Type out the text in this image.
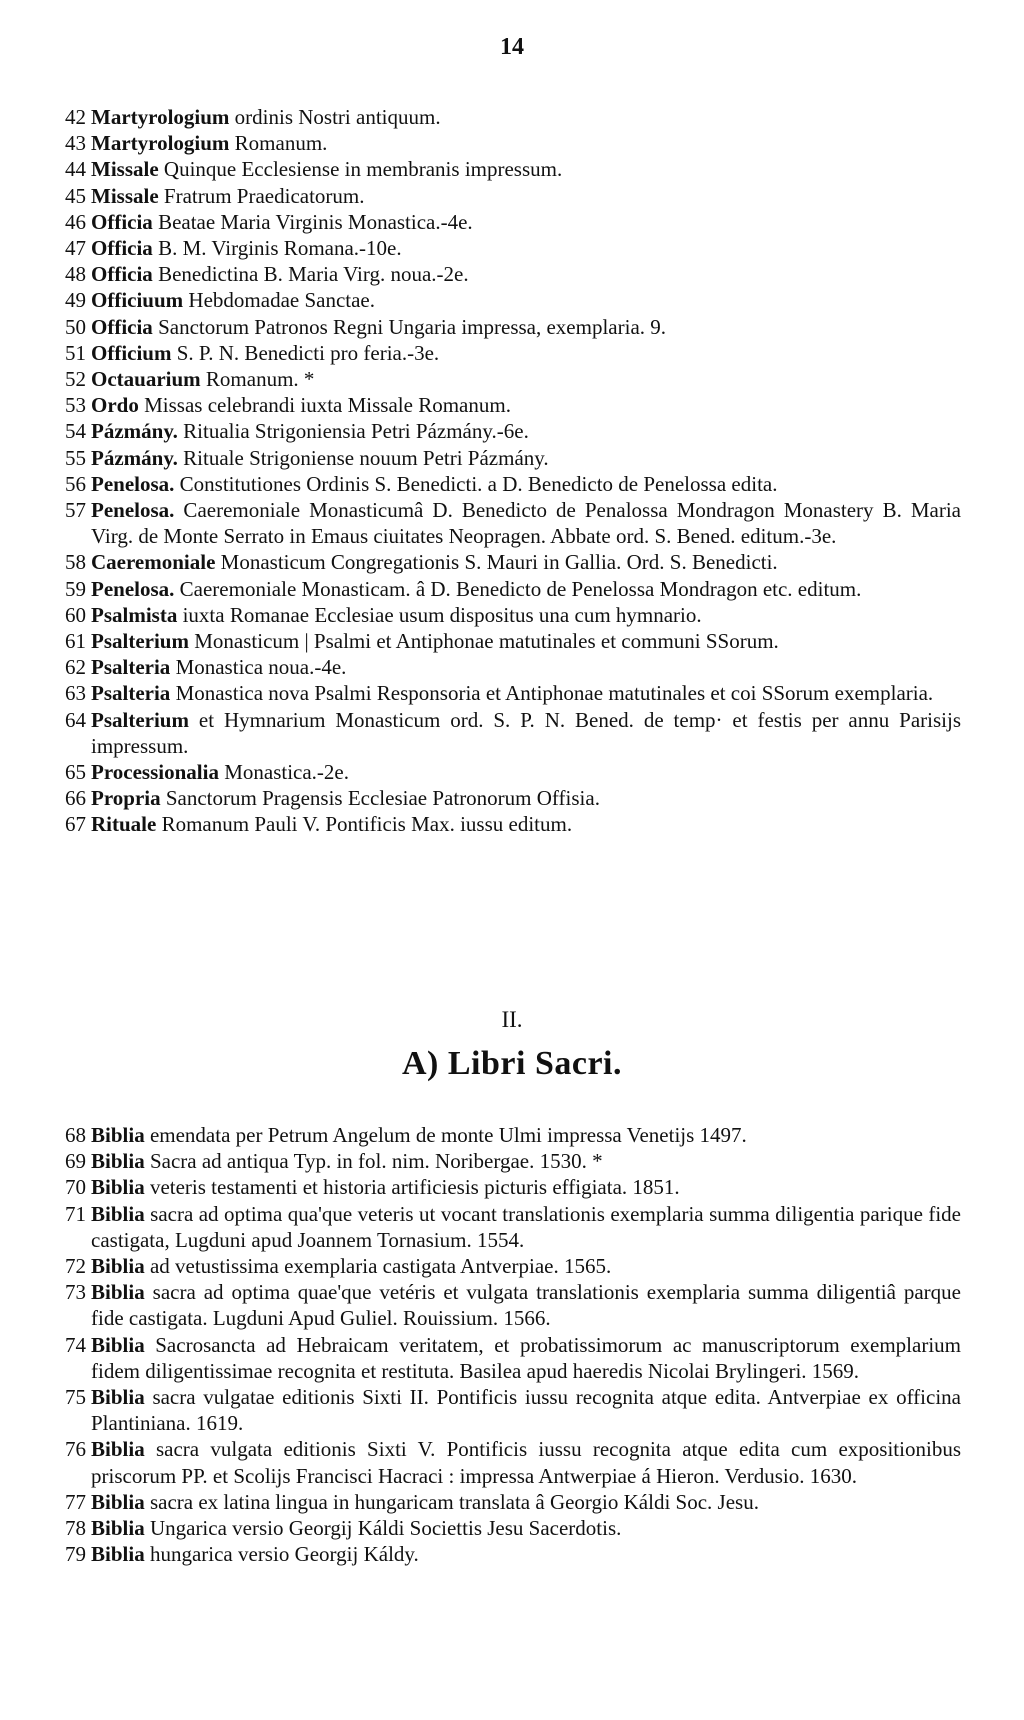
14
42 Martyrologium ordinis Nostri antiquum.
43 Martyrologium Romanum.
44 Missale Quinque Ecclesiense in membranis impressum.
45 Missale Fratrum Praedicatorum.
46 Officia Beatae Maria Virginis Monastica.-4e.
47 Officia B. M. Virginis Romana.-10e.
48 Officia Benedictina B. Maria Virg. noua.-2e.
49 Officiuum Hebdomadae Sanctae.
50 Officia Sanctorum Patronos Regni Ungaria impressa, exemplaria. 9.
51 Officium S. P. N. Benedicti pro feria.-3e.
52 Octauarium Romanum. *
53 Ordo Missas celebrandi iuxta Missale Romanum.
54 Pázmány. Ritualia Strigoniensia Petri Pázmány.-6e.
55 Pázmány. Rituale Strigoniense nouum Petri Pázmány.
56 Penelosa. Constitutiones Ordinis S. Benedicti. a D. Benedicto de Penelossa edita.
57 Penelosa. Caeremoniale Monasticumâ D. Benedicto de Penalossa Mondragon Monastery B. Maria Virg. de Monte Serrato in Emaus ciuitates Neopragen. Abbate ord. S. Bened. editum.-3e.
58 Caeremoniale Monasticum Congregationis S. Mauri in Gallia. Ord. S. Benedicti.
59 Penelosa. Caeremoniale Monasticam. â D. Benedicto de Penelossa Mondragon etc. editum.
60 Psalmista iuxta Romanae Ecclesiae usum dispositus una cum hymnario.
61 Psalterium Monasticum | Psalmi et Antiphonae matutinales et communi SSorum.
62 Psalteria Monastica noua.-4e.
63 Psalteria Monastica nova Psalmi Responsoria et Antiphonae matutinales et coi SSorum exemplaria.
64 Psalterium et Hymnarium Monasticum ord. S. P. N. Bened. de temp· et festis per annu Parisijs impressum.
65 Processionalia Monastica.-2e.
66 Propria Sanctorum Pragensis Ecclesiae Patronorum Offisia.
67 Rituale Romanum Pauli V. Pontificis Max. iussu editum.
II.
A) Libri Sacri.
68 Biblia emendata per Petrum Angelum de monte Ulmi impressa Venetijs 1497.
69 Biblia Sacra ad antiqua Typ. in fol. nim. Noribergae. 1530. *
70 Biblia veteris testamenti et historia artificiesis picturis effigiata. 1851.
71 Biblia sacra ad optima qua'que veteris ut vocant translationis exemplaria summa diligentia parique fide castigata, Lugduni apud Joannem Tornasium. 1554.
72 Biblia ad vetustissima exemplaria castigata Antverpiae. 1565.
73 Biblia sacra ad optima quae'que vetéris et vulgata translationis exemplaria summa diligentiâ parque fide castigata. Lugduni Apud Guliel. Rouissium. 1566.
74 Biblia Sacrosancta ad Hebraicam veritatem, et probatissimorum ac manuscriptorum exemplarium fidem diligentissimae recognita et restituta. Basilea apud haeredis Nicolai Brylingeri. 1569.
75 Biblia sacra vulgatae editionis Sixti II. Pontificis iussu recognita atque edita. Antverpiae ex officina Plantiniana. 1619.
76 Biblia sacra vulgata editionis Sixti V. Pontificis iussu recognita atque edita cum expositionibus priscorum PP. et Scolijs Francisci Hacraci : impressa Antwerpiae á Hieron. Verdusio. 1630.
77 Biblia sacra ex latina lingua in hungaricam translata â Georgio Káldi Soc. Jesu.
78 Biblia Ungarica versio Georgij Káldi Societtis Jesu Sacerdotis.
79 Biblia hungarica versio Georgij Káldy.
